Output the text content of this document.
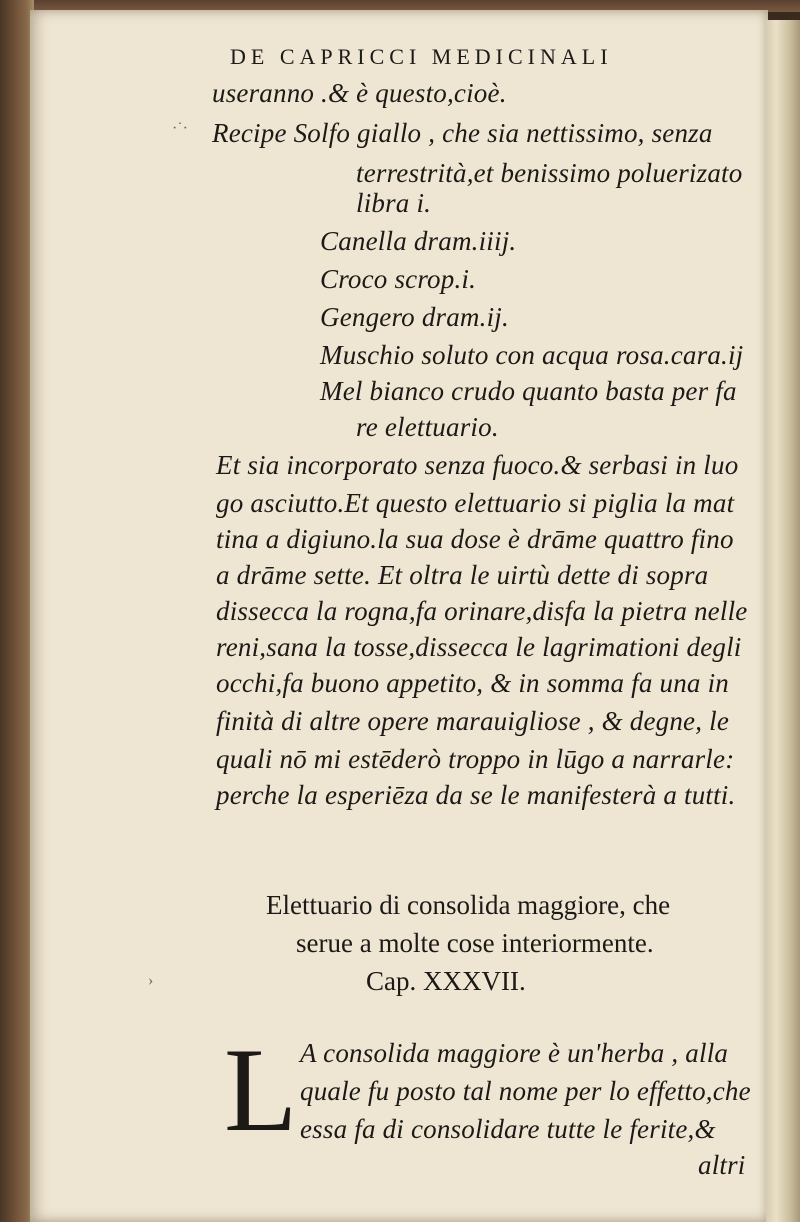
DE CAPRICCI MEDICINALI
·˙·
useranno .& è questo,cioè.
Recipe Solfo giallo , che sia nettissimo, senza
terrestrità,et benissimo poluerizato
libra i.
Canella dram.iiij.
Croco scrop.i.
Gengero dram.ij.
Muschio soluto con acqua rosa.cara.ij
Mel bianco crudo quanto basta per fa
re elettuario.
Et sia incorporato senza fuoco.& serbasi in luo
go asciutto.Et questo elettuario si piglia la mat
tina a digiuno.la sua dose è drāme quattro fino
a drāme sette. Et oltra le uirtù dette di sopra
dissecca la rogna,fa orinare,disfa la pietra nelle
reni,sana la tosse,dissecca le lagrimationi degli
occhi,fa buono appetito, & in somma fa una in
finità di altre opere marauigliose , & degne, le
quali nō mi estēderò troppo in lūgo a narrarle:
perche la esperiēza da se le manifesterà a tutti.
›
Elettuario di consolida maggiore, che
serue a molte cose interiormente.
Cap. XXXVII.
L A consolida maggiore è un'herba , alla
quale fu posto tal nome per lo effetto,che
essa fa di consolidare tutte le ferite,&
altri
